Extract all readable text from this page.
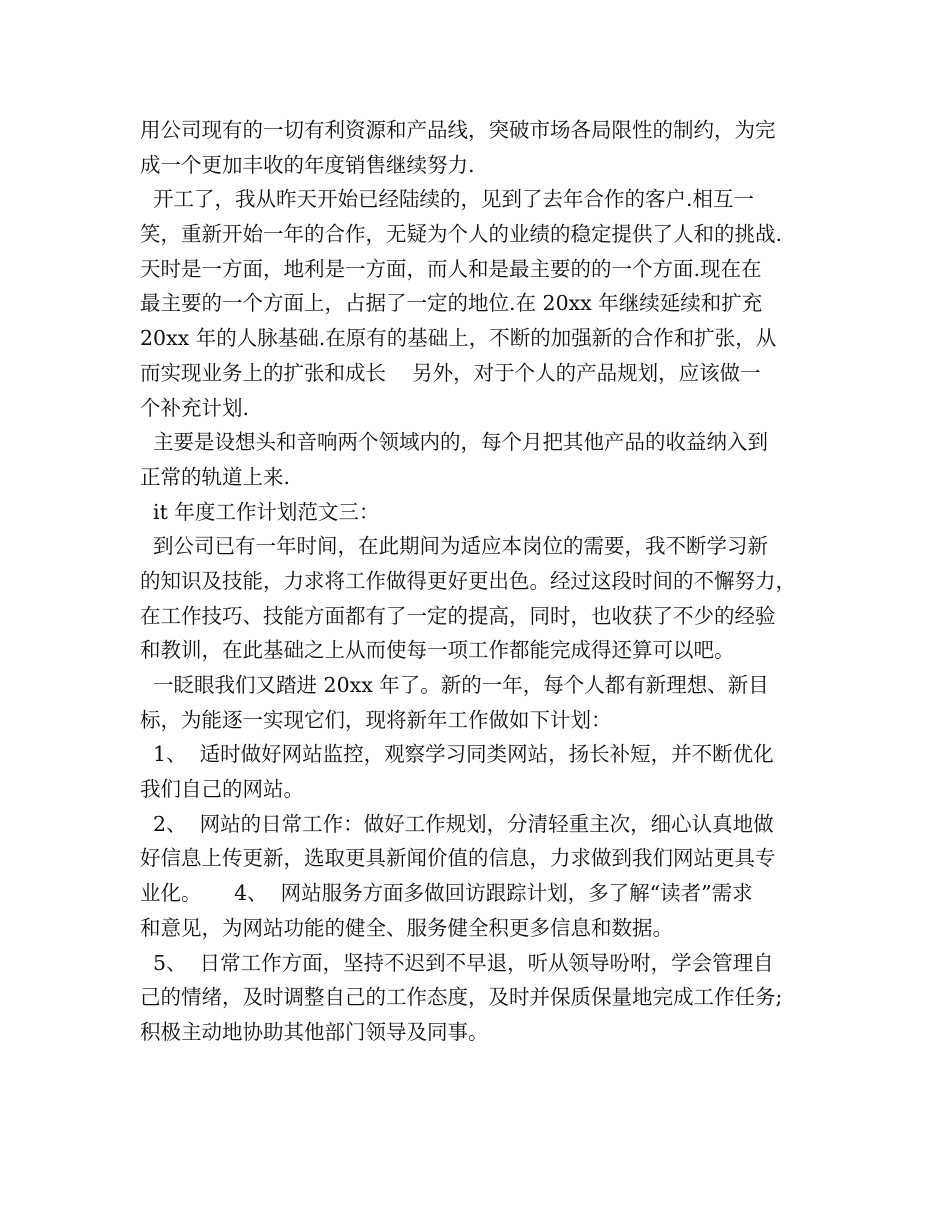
用公司现有的一切有利资源和产品线，突破市场各局限性的制约，为完
成一个更加丰收的年度销售继续努力.
开工了，我从昨天开始已经陆续的，见到了去年合作的客户.相互一
笑，重新开始一年的合作，无疑为个人的业绩的稳定提供了人和的挑战.
天时是一方面，地利是一方面，而人和是最主要的的一个方面.现在在
最主要的一个方面上，占据了一定的地位.在 20xx 年继续延续和扩充
20xx 年的人脉基础.在原有的基础上，不断的加强新的合作和扩张，从
而实现业务上的扩张和成长    另外，对于个人的产品规划，应该做一
个补充计划.
主要是设想头和音响两个领域内的，每个月把其他产品的收益纳入到
正常的轨道上来.
it 年度工作计划范文三：
到公司已有一年时间，在此期间为适应本岗位的需要，我不断学习新
的知识及技能，力求将工作做得更好更出色。经过这段时间的不懈努力，
在工作技巧、技能方面都有了一定的提高，同时，也收获了不少的经验
和教训，在此基础之上从而使每一项工作都能完成得还算可以吧。
一眨眼我们又踏进 20xx 年了。新的一年，每个人都有新理想、新目
标，为能逐一实现它们，现将新年工作做如下计划：
1、  适时做好网站监控，观察学习同类网站，扬长补短，并不断优化
我们自己的网站。
2、  网站的日常工作：做好工作规划，分清轻重主次，细心认真地做
好信息上传更新，选取更具新闻价值的信息，力求做到我们网站更具专
业化。     4、  网站服务方面多做回访跟踪计划，多了解“读者”需求
和意见，为网站功能的健全、服务健全积更多信息和数据。
5、  日常工作方面，坚持不迟到不早退，听从领导吩咐，学会管理自
己的情绪，及时调整自己的工作态度，及时并保质保量地完成工作任务;
积极主动地协助其他部门领导及同事。
